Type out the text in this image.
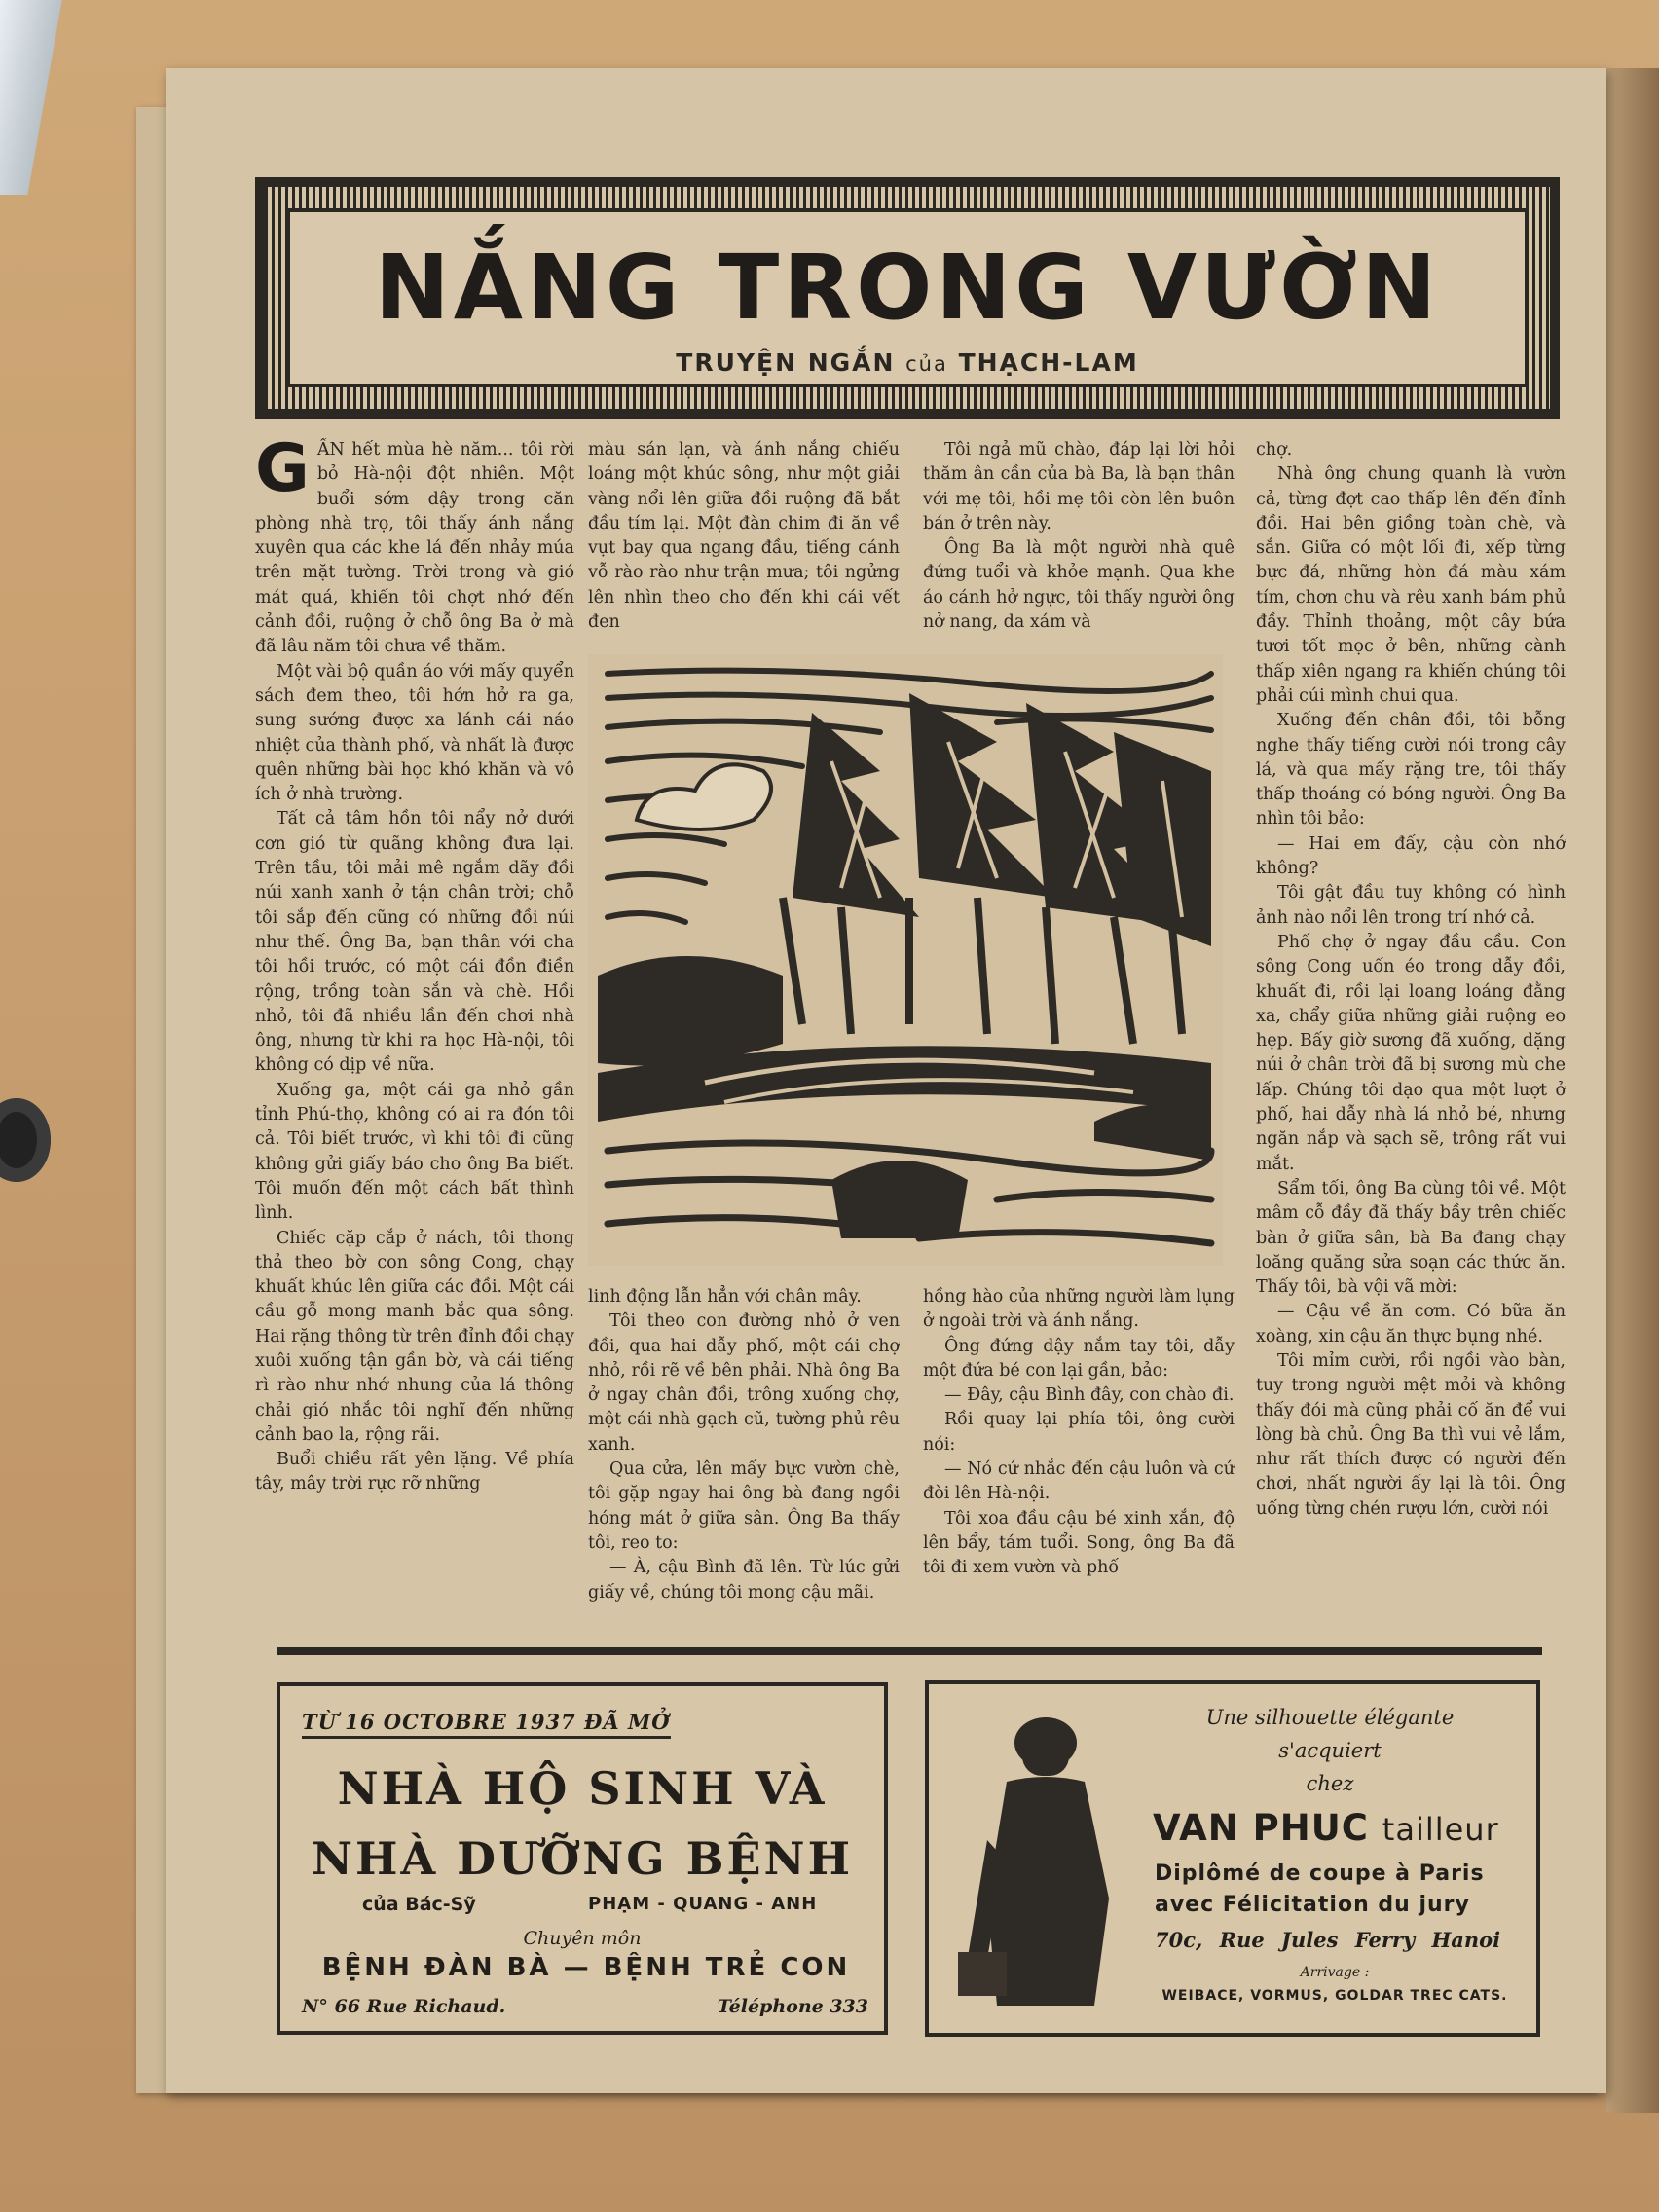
NẮNG TRONG VƯỜN
TRUYỆN NGẮN của THẠCH-LAM
G ẦN hết mùa hè năm... tôi rời bỏ Hà-nội đột nhiên. Một buổi sớm dậy trong căn phòng nhà trọ, tôi thấy ánh nắng xuyên qua các khe lá đến nhảy múa trên mặt tường. Trời trong và gió mát quá, khiến tôi chợt nhớ đến cảnh đồi, ruộng ở chỗ ông Ba ở mà đã lâu năm tôi chưa về thăm.

Một vài bộ quần áo với mấy quyển sách đem theo, tôi hớn hở ra ga, sung sướng được xa lánh cái náo nhiệt của thành phố, và nhất là được quên những bài học khó khăn và vô ích ở nhà trường.

Tất cả tâm hồn tôi nẩy nở dưới cơn gió từ quãng không đưa lại. Trên tầu, tôi mải mê ngắm dãy đồi núi xanh xanh ở tận chân trời; chỗ tôi sắp đến cũng có những đồi núi như thế. Ông Ba, bạn thân với cha tôi hồi trước, có một cái đồn điền rộng, trồng toàn sắn và chè. Hồi nhỏ, tôi đã nhiều lần đến chơi nhà ông, nhưng từ khi ra học Hà-nội, tôi không có dịp về nữa.

Xuống ga, một cái ga nhỏ gần tỉnh Phú-thọ, không có ai ra đón tôi cả. Tôi biết trước, vì khi tôi đi cũng không gửi giấy báo cho ông Ba biết. Tôi muốn đến một cách bất thình lình.

Chiếc cặp cắp ở nách, tôi thong thả theo bờ con sông Cong, chạy khuất khúc lên giữa các đồi. Một cái cầu gỗ mong manh bắc qua sông. Hai rặng thông từ trên đỉnh đồi chạy xuôi xuống tận gần bờ, và cái tiếng rì rào như nhớ nhung của lá thông chải gió nhắc tôi nghĩ đến những cảnh bao la, rộng rãi.

Buổi chiều rất yên lặng. Về phía tây, mây trời rực rỡ những

màu sán lạn, và ánh nắng chiếu loáng một khúc sông, như một giải vàng nổi lên giữa đồi ruộng đã bắt đầu tím lại. Một đàn chim đi ăn về vụt bay qua ngang đầu, tiếng cánh vỗ rào rào như trận mưa; tôi ngửng lên nhìn theo cho đến khi cái vết đen

Tôi ngả mũ chào, đáp lại lời hỏi thăm ân cần của bà Ba, là bạn thân với mẹ tôi, hồi mẹ tôi còn lên buôn bán ở trên này.

Ông Ba là một người nhà quê đứng tuổi và khỏe mạnh. Qua khe áo cánh hở ngực, tôi thấy người ông nở nang, da xám và

linh động lẫn hẳn với chân mây.

Tôi theo con đường nhỏ ở ven đồi, qua hai dẫy phố, một cái chợ nhỏ, rồi rẽ về bên phải. Nhà ông Ba ở ngay chân đồi, trông xuống chợ, một cái nhà gạch cũ, tường phủ rêu xanh.

Qua cửa, lên mấy bực vườn chè, tôi gặp ngay hai ông bà đang ngồi hóng mát ở giữa sân. Ông Ba thấy tôi, reo to:

— À, cậu Bình đã lên. Từ lúc gửi giấy về, chúng tôi mong cậu mãi.

hồng hào của những người làm lụng ở ngoài trời và ánh nắng.

Ông đứng dậy nắm tay tôi, dẫy một đứa bé con lại gần, bảo:

— Đây, cậu Bình đây, con chào đi.

Rồi quay lại phía tôi, ông cười nói:

— Nó cứ nhắc đến cậu luôn và cứ đòi lên Hà-nội.

Tôi xoa đầu cậu bé xinh xắn, độ lên bẩy, tám tuổi. Song, ông Ba đã tôi đi xem vườn và phố

chợ.

Nhà ông chung quanh là vườn cả, từng đợt cao thấp lên đến đỉnh đồi. Hai bên giồng toàn chè, và sắn. Giữa có một lối đi, xếp từng bực đá, những hòn đá màu xám tím, chơn chu và rêu xanh bám phủ đầy. Thỉnh thoảng, một cây bứa tươi tốt mọc ở bên, những cành thấp xiên ngang ra khiến chúng tôi phải cúi mình chui qua.

Xuống đến chân đồi, tôi bỗng nghe thấy tiếng cười nói trong cây lá, và qua mấy rặng tre, tôi thấy thấp thoáng có bóng người. Ông Ba nhìn tôi bảo:

— Hai em đấy, cậu còn nhớ không?

Tôi gật đầu tuy không có hình ảnh nào nổi lên trong trí nhớ cả.

Phố chợ ở ngay đầu cầu. Con sông Cong uốn éo trong dẫy đồi, khuất đi, rồi lại loang loáng đằng xa, chẩy giữa những giải ruộng eo hẹp. Bấy giờ sương đã xuống, dặng núi ở chân trời đã bị sương mù che lấp. Chúng tôi dạo qua một lượt ở phố, hai dẫy nhà lá nhỏ bé, nhưng ngăn nắp và sạch sẽ, trông rất vui mắt.

Sẩm tối, ông Ba cùng tôi về. Một mâm cỗ đầy đã thấy bầy trên chiếc bàn ở giữa sân, bà Ba đang chạy loăng quăng sửa soạn các thức ăn. Thấy tôi, bà vội vã mời:

— Cậu về ăn cơm. Có bữa ăn xoàng, xin cậu ăn thực bụng nhé.

Tôi mỉm cười, rồi ngồi vào bàn, tuy trong người mệt mỏi và không thấy đói mà cũng phải cố ăn để vui lòng bà chủ. Ông Ba thì vui vẻ lắm, như rất thích được có người đến chơi, nhất người ấy lại là tôi. Ông uống từng chén rượu lớn, cười nói

TỪ 16 OCTOBRE 1937 ĐÃ MỞ
NHÀ HỘ SINH VÀ
NHÀ DƯỠNG BỆNH
của Bác-Sỹ	PHẠM - QUANG - ANH
Chuyên môn
BỆNH ĐÀN BÀ — BỆNH TRẺ CON
N° 66 Rue Richaud.	Téléphone 333
Une silhouette élégante
s'acquiert
chez
VAN PHUC tailleur
Diplômé de coupe à Paris
avec Félicitation du jury
70c, Rue Jules Ferry Hanoi
Arrivage :
WEIBACE, VORMUS, GOLDAR TREC CATS.
